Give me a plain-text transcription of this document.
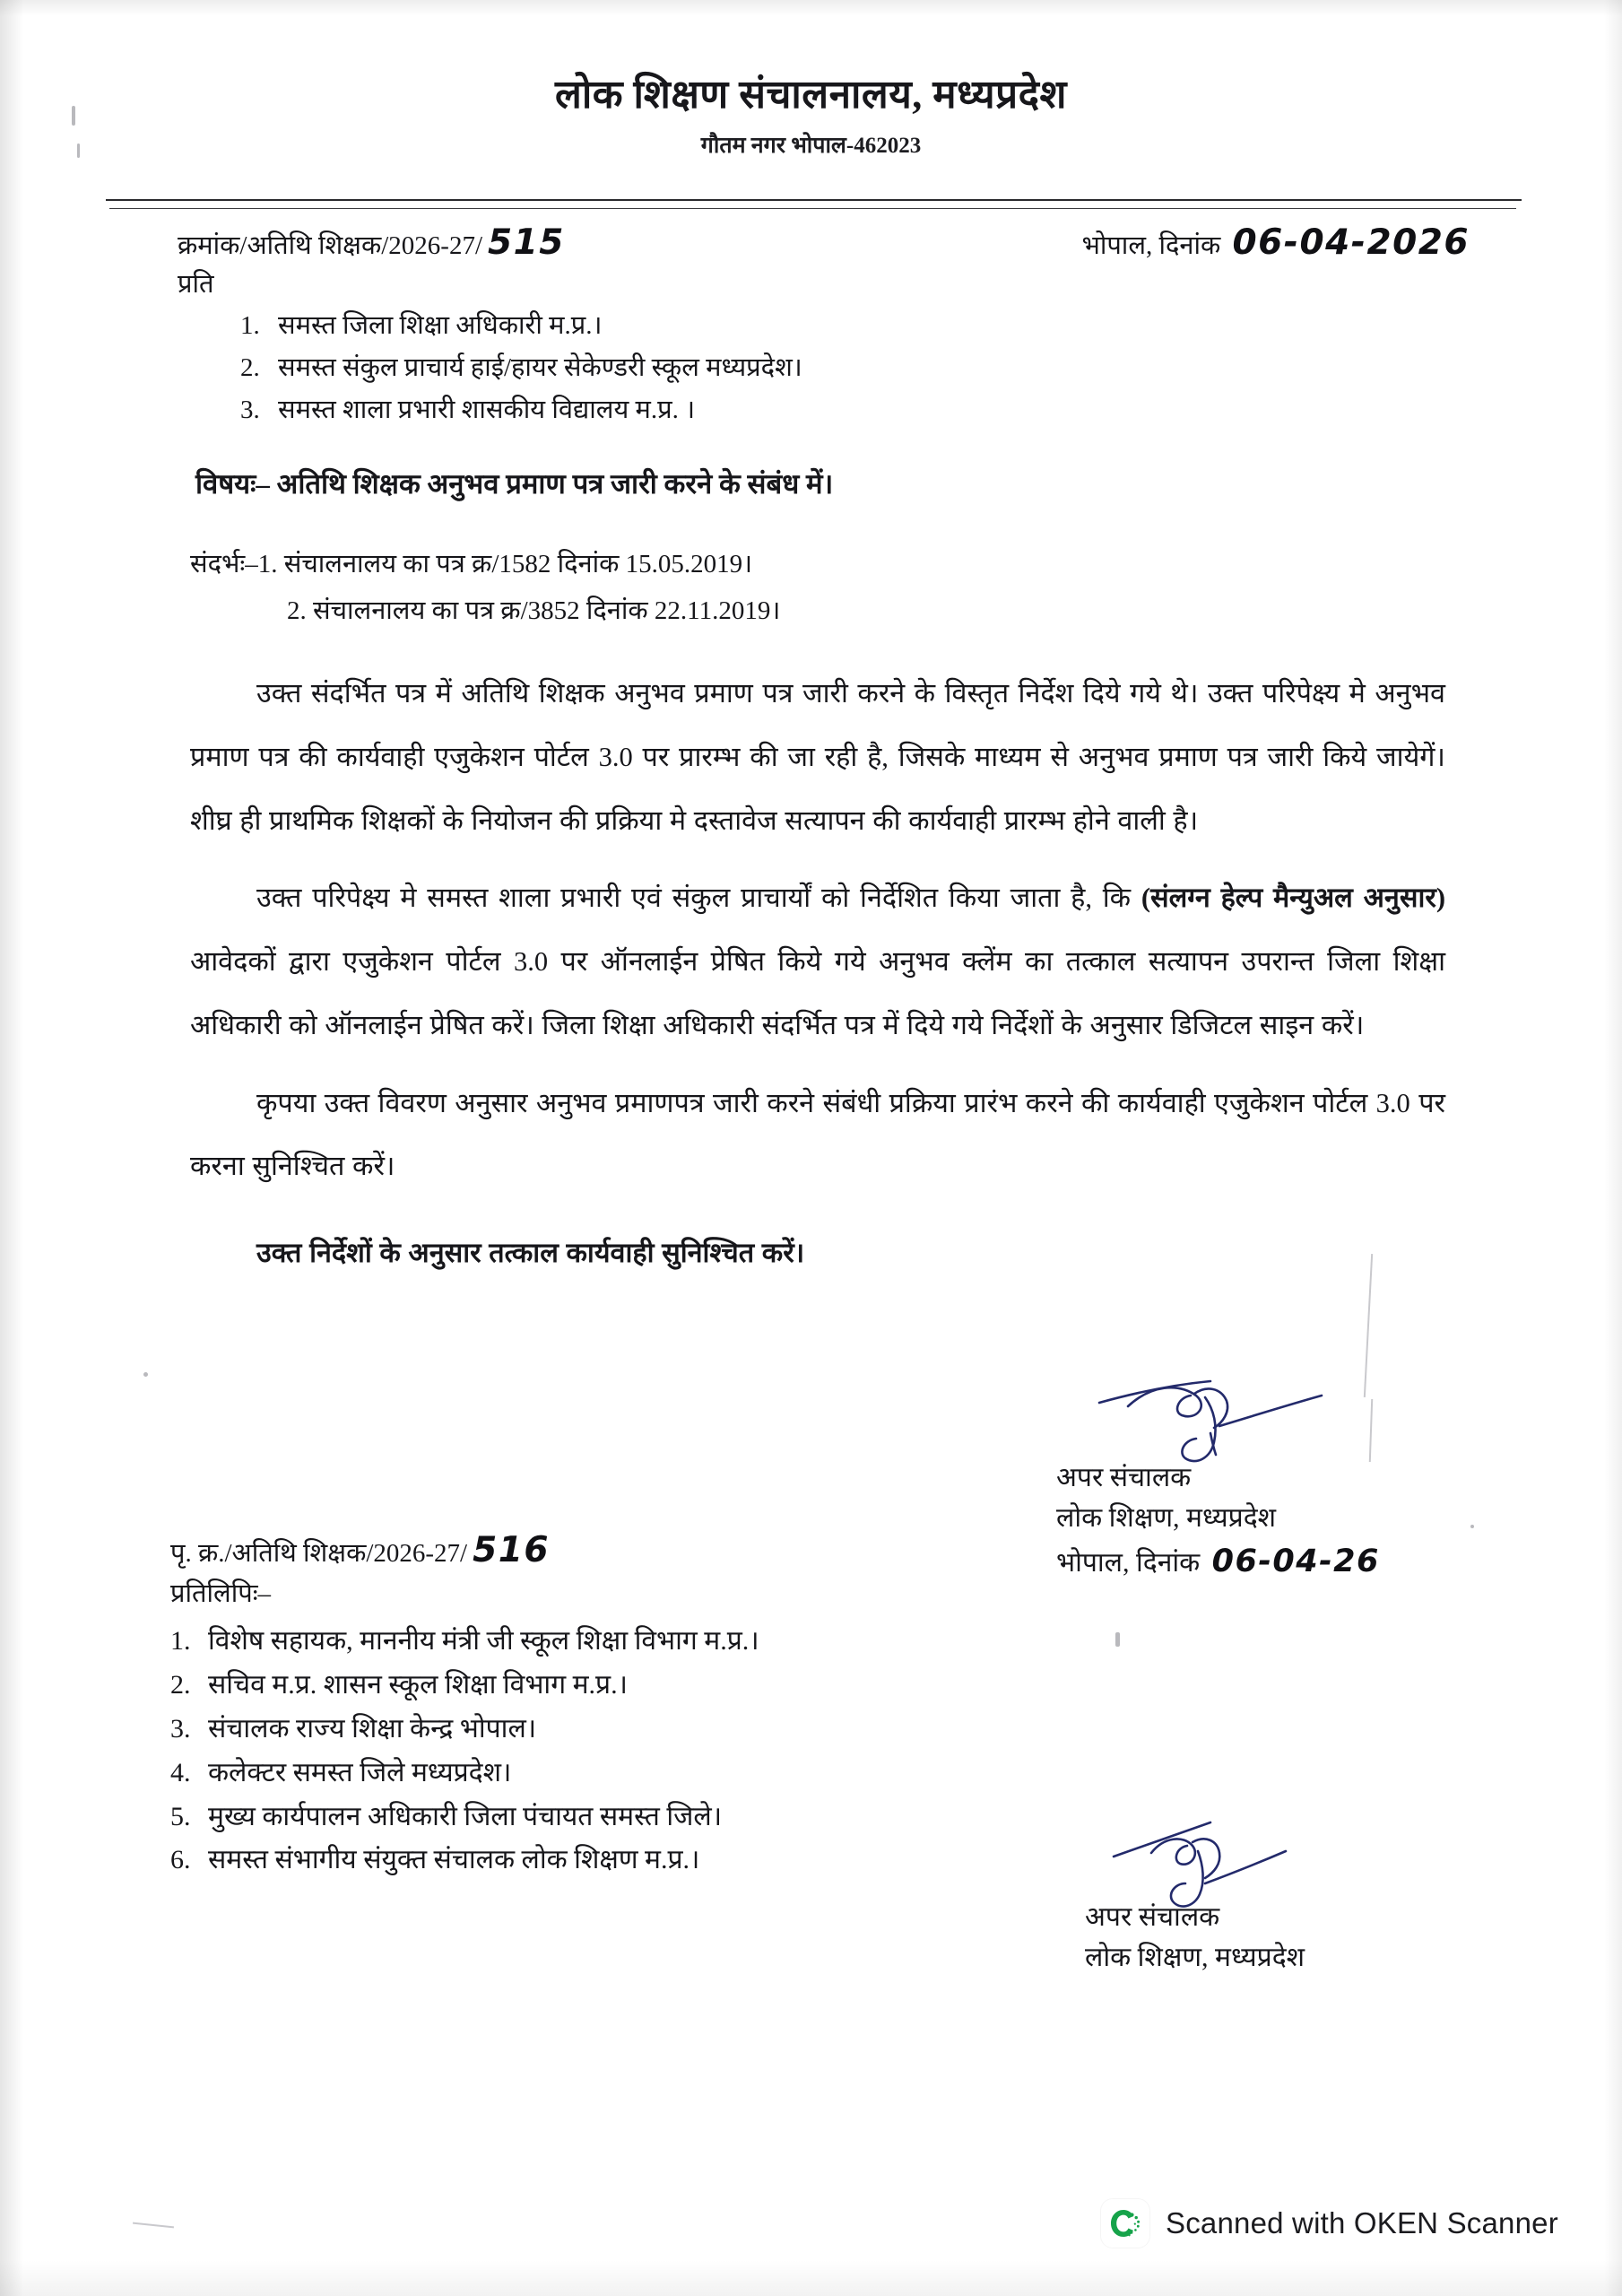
लोक शिक्षण संचालनालय, मध्यप्रदेश
गौतम नगर भोपाल-462023
क्रमांक/अतिथि शिक्षक/2026-27/ 515	भोपाल, दिनांक 06-04-2026
प्रति
1. समस्त जिला शिक्षा अधिकारी म.प्र.।
2. समस्त संकुल प्राचार्य हाई/हायर सेकेण्डरी स्कूल मध्यप्रदेश।
3. समस्त शाला प्रभारी शासकीय विद्यालय म.प्र. ।
विषयः– अतिथि शिक्षक अनुभव प्रमाण पत्र जारी करने के संबंध में।
संदर्भः–1. संचालनालय का पत्र क्र/1582 दिनांक 15.05.2019।
2. संचालनालय का पत्र क्र/3852 दिनांक 22.11.2019।

उक्त संदर्भित पत्र में अतिथि शिक्षक अनुभव प्रमाण पत्र जारी करने के विस्तृत निर्देश दिये गये थे। उक्त परिपेक्ष्य मे अनुभव प्रमाण पत्र की कार्यवाही एजुकेशन पोर्टल 3.0 पर प्रारम्भ की जा रही है, जिसके माध्यम से अनुभव प्रमाण पत्र जारी किये जायेगें। शीघ्र ही प्राथमिक शिक्षकों के नियोजन की प्रक्रिया मे दस्तावेज सत्यापन की कार्यवाही प्रारम्भ होने वाली है।

उक्त परिपेक्ष्य मे समस्त शाला प्रभारी एवं संकुल प्राचार्यों को निर्देशित किया जाता है, कि (संलग्न हेल्प मैन्युअल अनुसार) आवेदकों द्वारा एजुकेशन पोर्टल 3.0 पर ऑनलाईन प्रेषित किये गये अनुभव क्लेंम का तत्काल सत्यापन उपरान्त जिला शिक्षा अधिकारी को ऑनलाईन प्रेषित करें। जिला शिक्षा अधिकारी संदर्भित पत्र में दिये गये निर्देशों के अनुसार डिजिटल साइन करें।

कृपया उक्त विवरण अनुसार अनुभव प्रमाणपत्र जारी करने संबंधी प्रक्रिया प्रारंभ करने की कार्यवाही एजुकेशन पोर्टल 3.0 पर करना सुनिश्चित करें।

उक्त निर्देशों के अनुसार तत्काल कार्यवाही सुनिश्चित करें।

अपर संचालक
लोक शिक्षण, मध्यप्रदेश
भोपाल, दिनांक 06-04-26
पृ. क्र./अतिथि शिक्षक/2026-27/ 516
प्रतिलिपिः–
1. विशेष सहायक, माननीय मंत्री जी स्कूल शिक्षा विभाग म.प्र.।
2. सचिव म.प्र. शासन स्कूल शिक्षा विभाग म.प्र.।
3. संचालक राज्य शिक्षा केन्द्र भोपाल।
4. कलेक्टर समस्त जिले मध्यप्रदेश।
5. मुख्य कार्यपालन अधिकारी जिला पंचायत समस्त जिले।
6. समस्त संभागीय संयुक्त संचालक लोक शिक्षण म.प्र.।
अपर संचालक
लोक शिक्षण, मध्यप्रदेश
Scanned with OKEN Scanner
